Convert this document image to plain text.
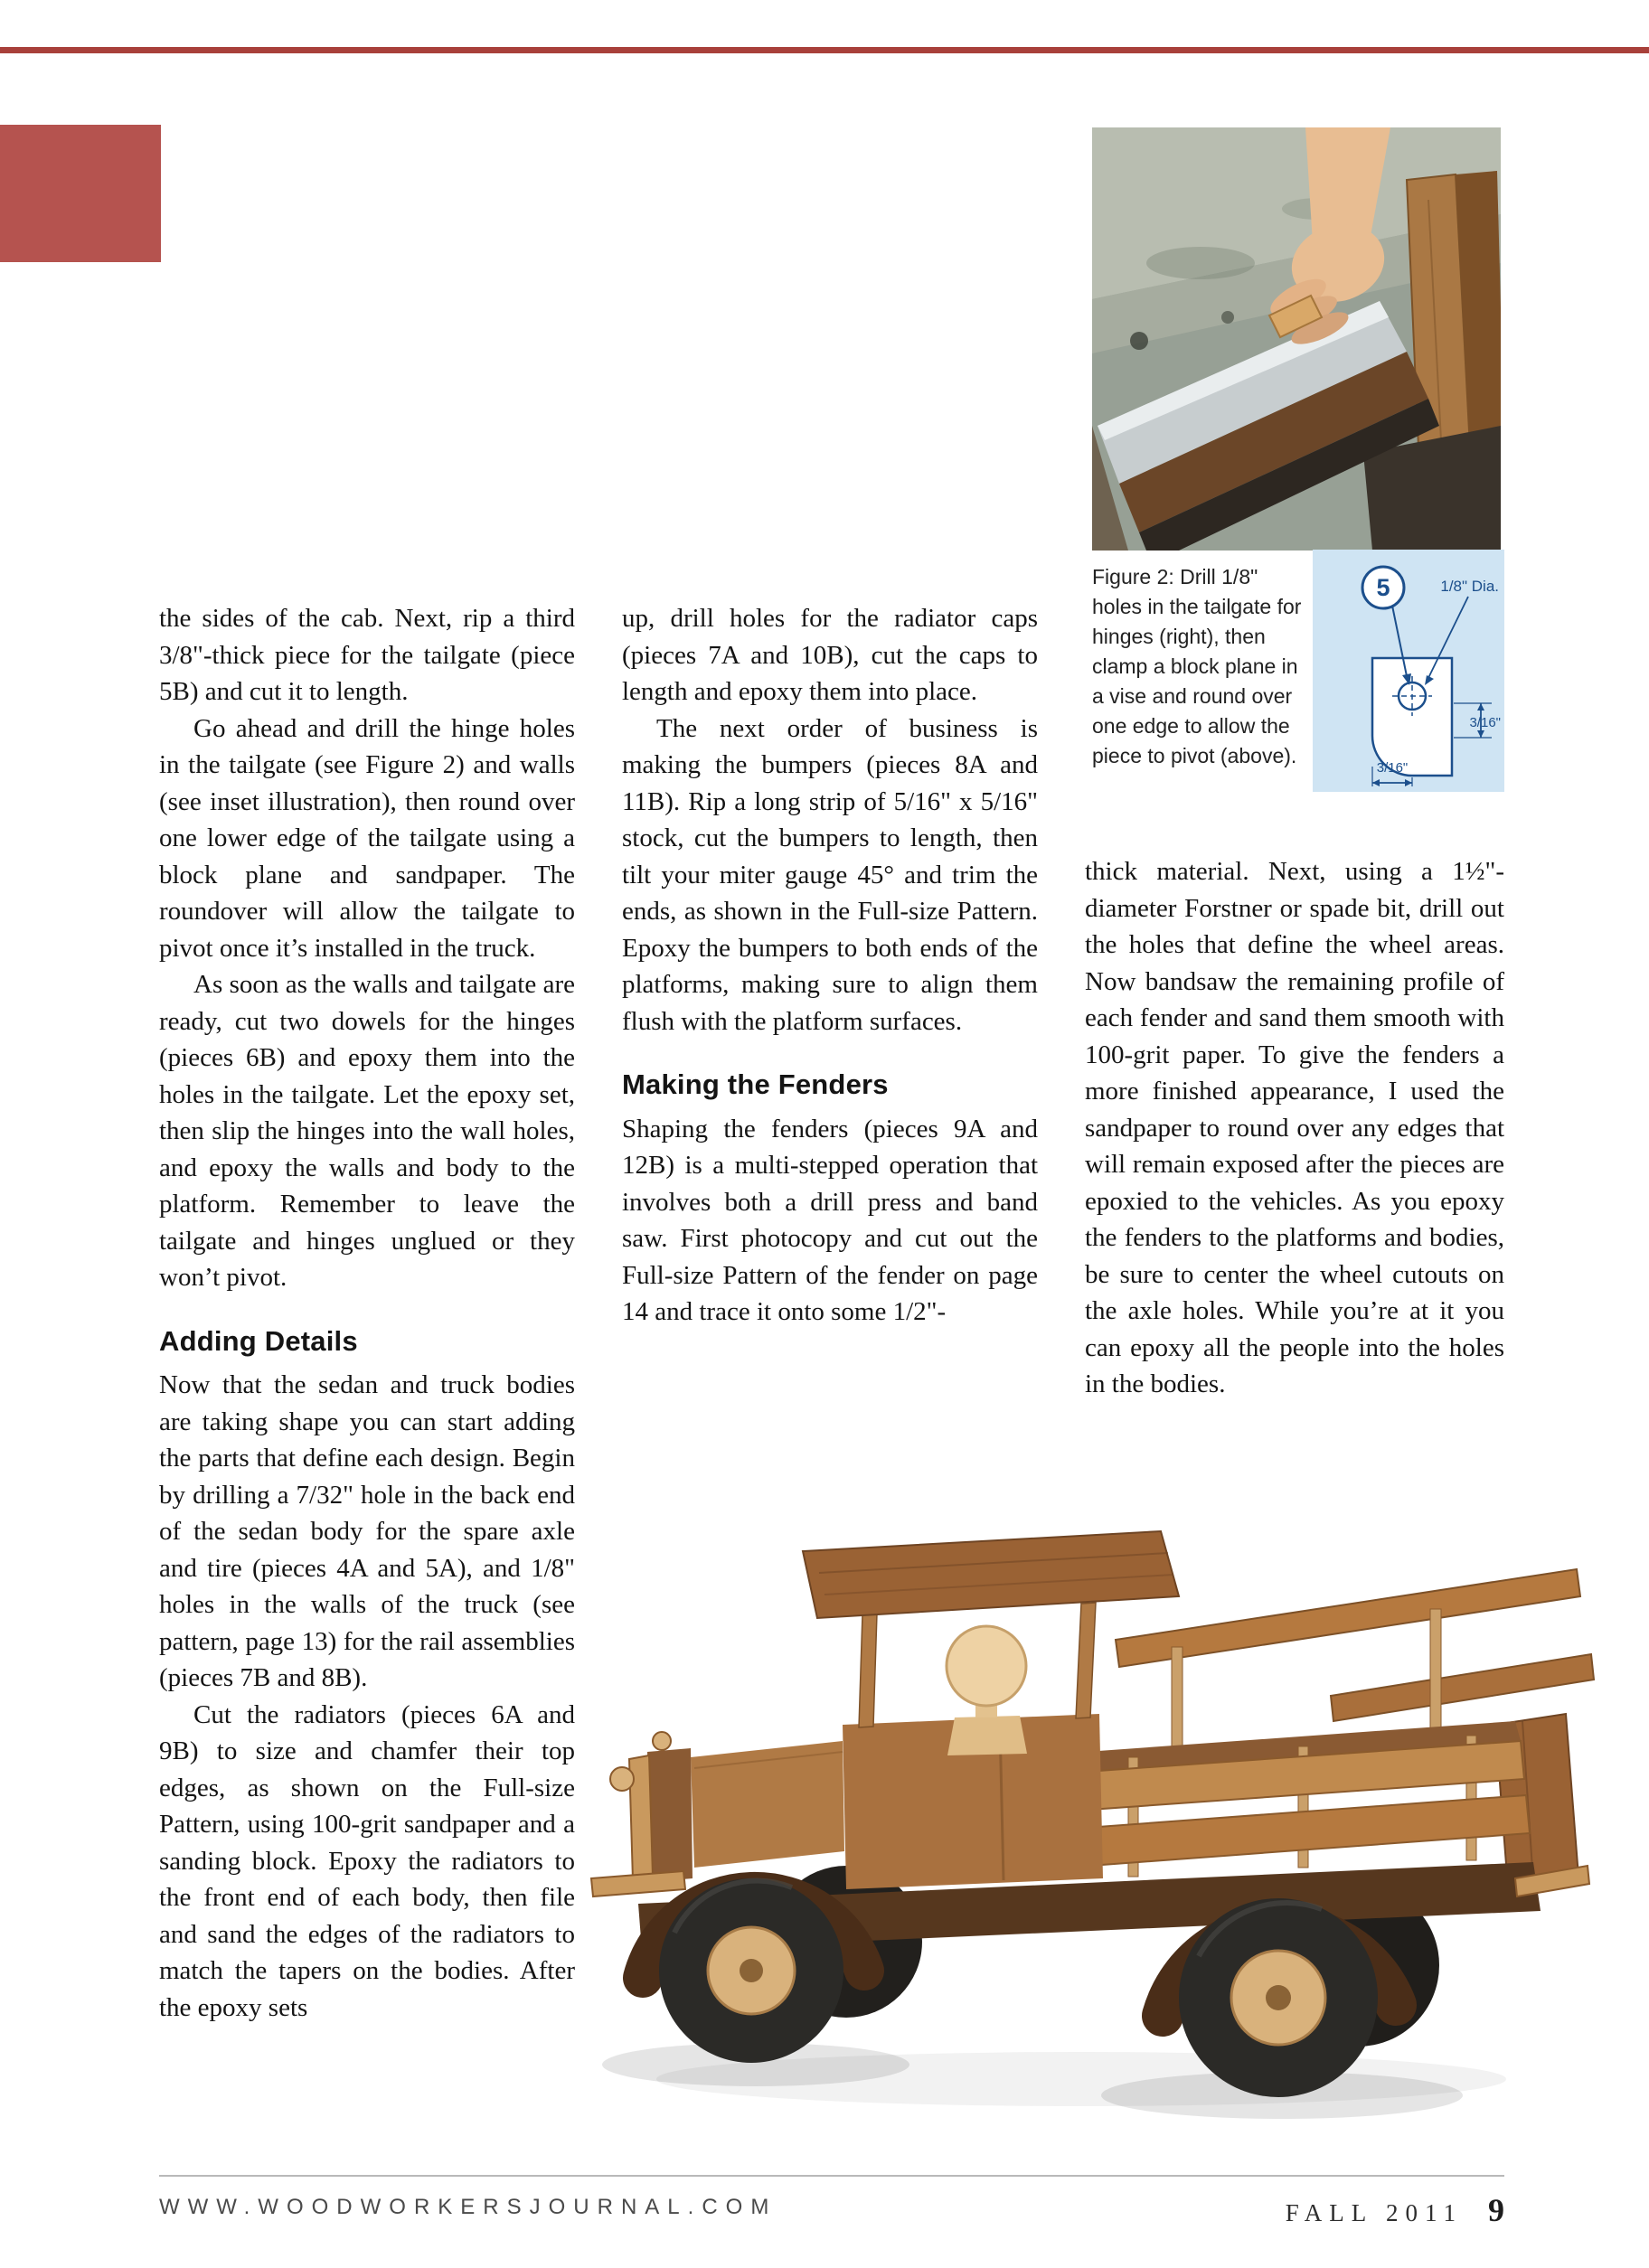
the sides of the cab. Next, rip a third 3/8"-thick piece for the tailgate (piece 5B) and cut it to length.

Go ahead and drill the hinge holes in the tailgate (see Figure 2) and walls (see inset illustration), then round over one lower edge of the tailgate using a block plane and sandpaper. The roundover will allow the tailgate to pivot once it’s installed in the truck.

As soon as the walls and tailgate are ready, cut two dowels for the hinges (pieces 6B) and epoxy them into the holes in the tailgate. Let the epoxy set, then slip the hinges into the wall holes, and epoxy the walls and body to the platform. Remember to leave the tailgate and hinges unglued or they won’t pivot.

Adding Details

Now that the sedan and truck bodies are taking shape you can start adding the parts that define each design. Begin by drilling a 7/32" hole in the back end of the sedan body for the spare axle and tire (pieces 4A and 5A), and 1/8" holes in the walls of the truck (see pattern, page 13) for the rail assemblies (pieces 7B and 8B).

Cut the radiators (pieces 6A and 9B) to size and chamfer their top edges, as shown on the Full-size Pattern, using 100-grit sandpaper and a sanding block. Epoxy the radiators to the front end of each body, then file and sand the edges of the radiators to match the tapers on the bodies. After the epoxy sets

up, drill holes for the radiator caps (pieces 7A and 10B), cut the caps to length and epoxy them into place.

The next order of business is making the bumpers (pieces 8A and 11B). Rip a long strip of 5/16" x 5/16" stock, cut the bumpers to length, then tilt your miter gauge 45° and trim the ends, as shown in the Full-size Pattern. Epoxy the bumpers to both ends of the platforms, making sure to align them flush with the platform surfaces.

Making the Fenders

Shaping the fenders (pieces 9A and 12B) is a multi-stepped operation that involves both a drill press and band saw. First photocopy and cut out the Full-size Pattern of the fender on page 14 and trace it onto some 1/2"-

thick material. Next, using a 1½"-diameter Forstner or spade bit, drill out the holes that define the wheel areas. Now bandsaw the remaining profile of each fender and sand them smooth with 100-grit paper. To give the fenders a more finished appearance, I used the sandpaper to round over any edges that will remain exposed after the pieces are epoxied to the vehicles. As you epoxy the fenders to the platforms and bodies, be sure to center the wheel cutouts on the axle holes. While you’re at it you can epoxy all the people into the holes in the bodies.

Figure 2: Drill 1/8" holes in the tailgate for hinges (right), then clamp a block plane in a vise and round over one edge to allow the piece to pivot (above).
5	1/8" Dia.
3/16"
3/16"
WWW.WOODWORKERSJOURNAL.COM	FALL 2011 9
